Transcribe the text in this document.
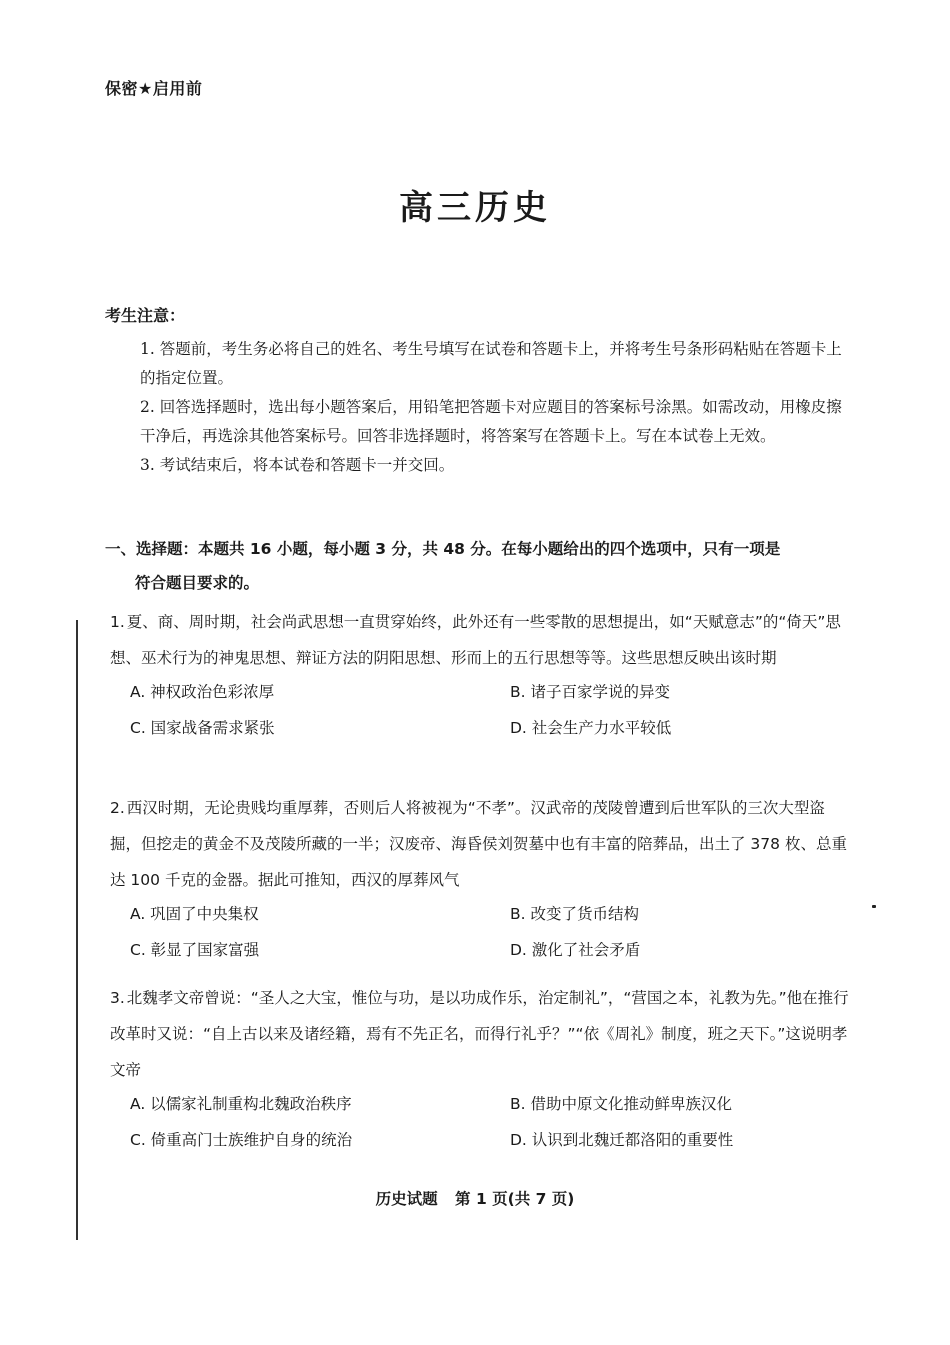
保密★启用前
高三历史
考生注意：

1. 答题前，考生务必将自己的姓名、考生号填写在试卷和答题卡上，并将考生号条形码粘贴在答题卡上的指定位置。

2. 回答选择题时，选出每小题答案后，用铅笔把答题卡对应题目的答案标号涂黑。如需改动，用橡皮擦干净后，再选涂其他答案标号。回答非选择题时，将答案写在答题卡上。写在本试卷上无效。

3. 考试结束后，将本试卷和答题卡一并交回。

一、选择题：本题共 16 小题，每小题 3 分，共 48 分。在每小题给出的四个选项中，只有一项是
符合题目要求的。
1. 夏、商、周时期，社会尚武思想一直贯穿始终，此外还有一些零散的思想提出，如“天赋意志”的“倚天”思想、巫术行为的神鬼思想、辩证方法的阴阳思想、形而上的五行思想等等。这些思想反映出该时期
A. 神权政治色彩浓厚	B. 诸子百家学说的异变
C. 国家战备需求紧张	D. 社会生产力水平较低
2. 西汉时期，无论贵贱均重厚葬，否则后人将被视为“不孝”。汉武帝的茂陵曾遭到后世军队的三次大型盗掘，但挖走的黄金不及茂陵所藏的一半；汉废帝、海昏侯刘贺墓中也有丰富的陪葬品，出土了 378 枚、总重达 100 千克的金器。据此可推知，西汉的厚葬风气
A. 巩固了中央集权	B. 改变了货币结构
C. 彰显了国家富强	D. 激化了社会矛盾
3. 北魏孝文帝曾说：“圣人之大宝，惟位与功，是以功成作乐，治定制礼”，“营国之本，礼教为先。”他在推行改革时又说：“自上古以来及诸经籍，焉有不先正名，而得行礼乎？”“依《周礼》制度，班之天下。”这说明孝文帝
A. 以儒家礼制重构北魏政治秩序	B. 借助中原文化推动鲜卑族汉化
C. 倚重高门士族维护自身的统治	D. 认识到北魏迁都洛阳的重要性
历史试题 第 1 页(共 7 页)
